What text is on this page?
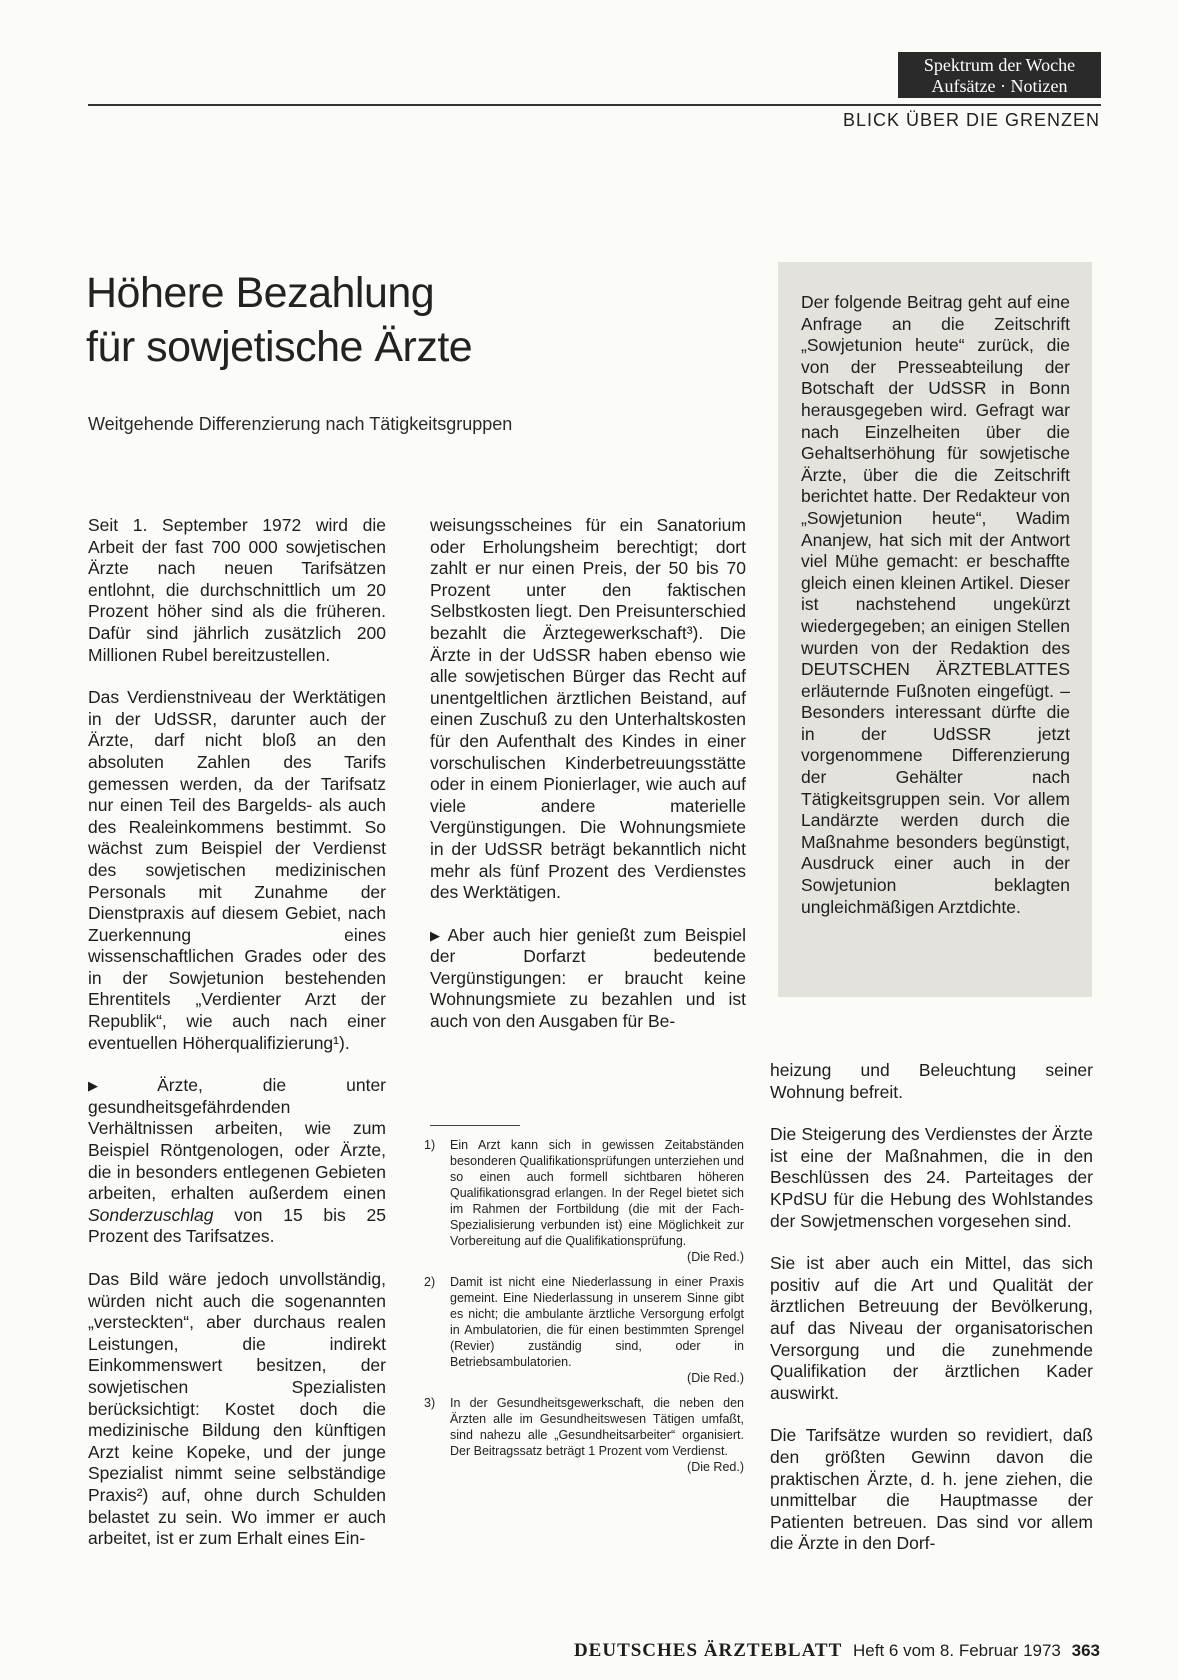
Spektrum der Woche
Aufsätze · Notizen
BLICK ÜBER DIE GRENZEN
Höhere Bezahlung
für sowjetische Ärzte
Weitgehende Differenzierung nach Tätigkeitsgruppen

Seit 1. September 1972 wird die Arbeit der fast 700 000 sowjetischen Ärzte nach neuen Tarifsätzen entlohnt, die durchschnittlich um 20 Prozent höher sind als die früheren. Dafür sind jährlich zusätzlich 200 Millionen Rubel bereitzustellen.

Das Verdienstniveau der Werktätigen in der UdSSR, darunter auch der Ärzte, darf nicht bloß an den absoluten Zahlen des Tarifs gemessen werden, da der Tarifsatz nur einen Teil des Bargelds- als auch des Realeinkommens bestimmt. So wächst zum Beispiel der Verdienst des sowjetischen medizinischen Personals mit Zunahme der Dienstpraxis auf diesem Gebiet, nach Zuerkennung eines wissenschaftlichen Grades oder des in der Sowjetunion bestehenden Ehrentitels „Verdienter Arzt der Republik“, wie auch nach einer eventuellen Höherqualifizierung¹).

▶ Ärzte, die unter gesundheitsgefährdenden Verhältnissen arbeiten, wie zum Beispiel Röntgenologen, oder Ärzte, die in besonders entlegenen Gebieten arbeiten, erhalten außerdem einen Sonderzuschlag von 15 bis 25 Prozent des Tarifsatzes.

Das Bild wäre jedoch unvollständig, würden nicht auch die sogenannten „versteckten“, aber durchaus realen Leistungen, die indirekt Einkommenswert besitzen, der sowjetischen Spezialisten berücksichtigt: Kostet doch die medizinische Bildung den künftigen Arzt keine Kopeke, und der junge Spezialist nimmt seine selbständige Praxis²) auf, ohne durch Schulden belastet zu sein. Wo immer er auch arbeitet, ist er zum Erhalt eines Ein-

weisungsscheines für ein Sanatorium oder Erholungsheim berechtigt; dort zahlt er nur einen Preis, der 50 bis 70 Prozent unter den faktischen Selbstkosten liegt. Den Preisunterschied bezahlt die Ärztegewerkschaft³). Die Ärzte in der UdSSR haben ebenso wie alle sowjetischen Bürger das Recht auf unentgeltlichen ärztlichen Beistand, auf einen Zuschuß zu den Unterhaltskosten für den Aufenthalt des Kindes in einer vorschulischen Kinderbetreuungsstätte oder in einem Pionierlager, wie auch auf viele andere materielle Vergünstigungen. Die Wohnungsmiete in der UdSSR beträgt bekanntlich nicht mehr als fünf Prozent des Verdienstes des Werktätigen.

▶ Aber auch hier genießt zum Beispiel der Dorfarzt bedeutende Vergünstigungen: er braucht keine Wohnungsmiete zu bezahlen und ist auch von den Ausgaben für Be-

1) Ein Arzt kann sich in gewissen Zeitabständen besonderen Qualifikationsprüfungen unterziehen und so einen auch formell sichtbaren höheren Qualifikationsgrad erlangen. In der Regel bietet sich im Rahmen der Fortbildung (die mit der Fach-Spezialisierung verbunden ist) eine Möglichkeit zur Vorbereitung auf die Qualifikationsprüfung.
(Die Red.)
2) Damit ist nicht eine Niederlassung in einer Praxis gemeint. Eine Niederlassung in unserem Sinne gibt es nicht; die ambulante ärztliche Versorgung erfolgt in Ambulatorien, die für einen bestimmten Sprengel (Revier) zuständig sind, oder in Betriebsambulatorien.
(Die Red.)
3) In der Gesundheitsgewerkschaft, die neben den Ärzten alle im Gesundheitswesen Tätigen umfaßt, sind nahezu alle „Gesundheitsarbeiter“ organisiert. Der Beitragssatz beträgt 1 Prozent vom Verdienst.
(Die Red.)
Der folgende Beitrag geht auf eine Anfrage an die Zeitschrift „Sowjetunion heute“ zurück, die von der Presseabteilung der Botschaft der UdSSR in Bonn herausgegeben wird. Gefragt war nach Einzelheiten über die Gehaltserhöhung für sowjetische Ärzte, über die die Zeitschrift berichtet hatte. Der Redakteur von „Sowjetunion heute“, Wadim Ananjew, hat sich mit der Antwort viel Mühe gemacht: er beschaffte gleich einen kleinen Artikel. Dieser ist nachstehend ungekürzt wiedergegeben; an einigen Stellen wurden von der Redaktion des DEUTSCHEN ÄRZTEBLATTES erläuternde Fußnoten eingefügt. – Besonders interessant dürfte die in der UdSSR jetzt vorgenommene Differenzierung der Gehälter nach Tätigkeitsgruppen sein. Vor allem Landärzte werden durch die Maßnahme besonders begünstigt, Ausdruck einer auch in der Sowjetunion beklagten ungleichmäßigen Arztdichte.

heizung und Beleuchtung seiner Wohnung befreit.

Die Steigerung des Verdienstes der Ärzte ist eine der Maßnahmen, die in den Beschlüssen des 24. Parteitages der KPdSU für die Hebung des Wohlstandes der Sowjetmenschen vorgesehen sind.

Sie ist aber auch ein Mittel, das sich positiv auf die Art und Qualität der ärztlichen Betreuung der Bevölkerung, auf das Niveau der organisatorischen Versorgung und die zunehmende Qualifikation der ärztlichen Kader auswirkt.

Die Tarifsätze wurden so revidiert, daß den größten Gewinn davon die praktischen Ärzte, d. h. jene ziehen, die unmittelbar die Hauptmasse der Patienten betreuen. Das sind vor allem die Ärzte in den Dorf-

DEUTSCHES ÄRZTEBLATT Heft 6 vom 8. Februar 1973 363
